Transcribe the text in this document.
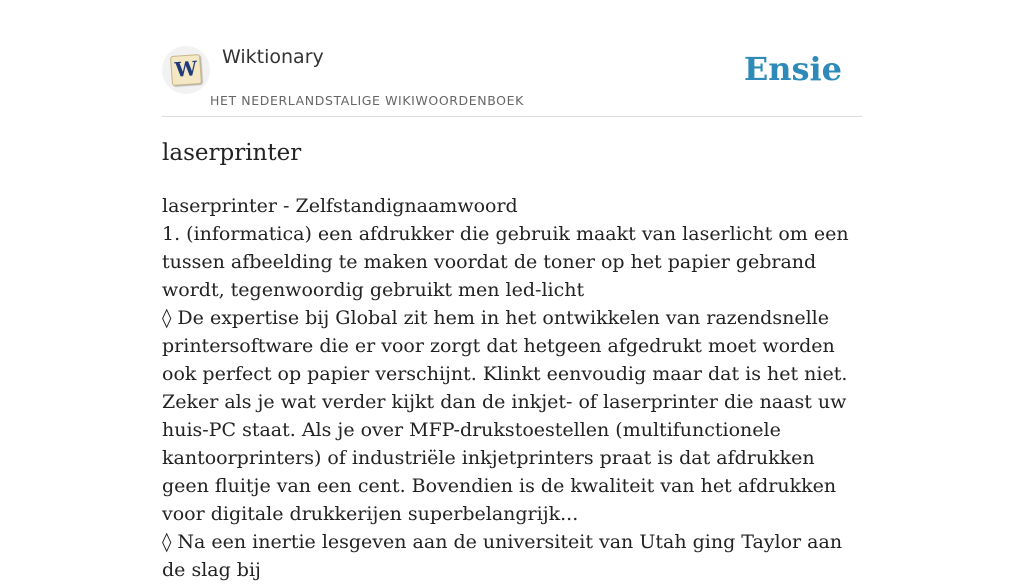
W Wiktionary
HET NEDERLANDSTALIGE WIKIWOORDENBOEK
Ensie
laserprinter

laserprinter - Zelfstandignaamwoord

1. (informatica) een afdrukker die gebruik maakt van laserlicht om een tussen afbeelding te maken voordat de toner op het papier gebrand wordt, tegenwoordig gebruikt men led-licht

◊ De expertise bij Global zit hem in het ontwikkelen van razendsnelle printersoftware die er voor zorgt dat hetgeen afgedrukt moet worden ook perfect op papier verschijnt. Klinkt eenvoudig maar dat is het niet. Zeker als je wat verder kijkt dan de inkjet- of laserprinter die naast uw huis-PC staat. Als je over MFP-drukstoestellen (multifunctionele kantoorprinters) of industriële inkjetprinters praat is dat afdrukken geen fluitje van een cent. Bovendien is de kwaliteit van het afdrukken voor digitale drukkerijen superbelangrijk...

◊ Na een inertie lesgeven aan de universiteit van Utah ging Taylor aan de slag bij
